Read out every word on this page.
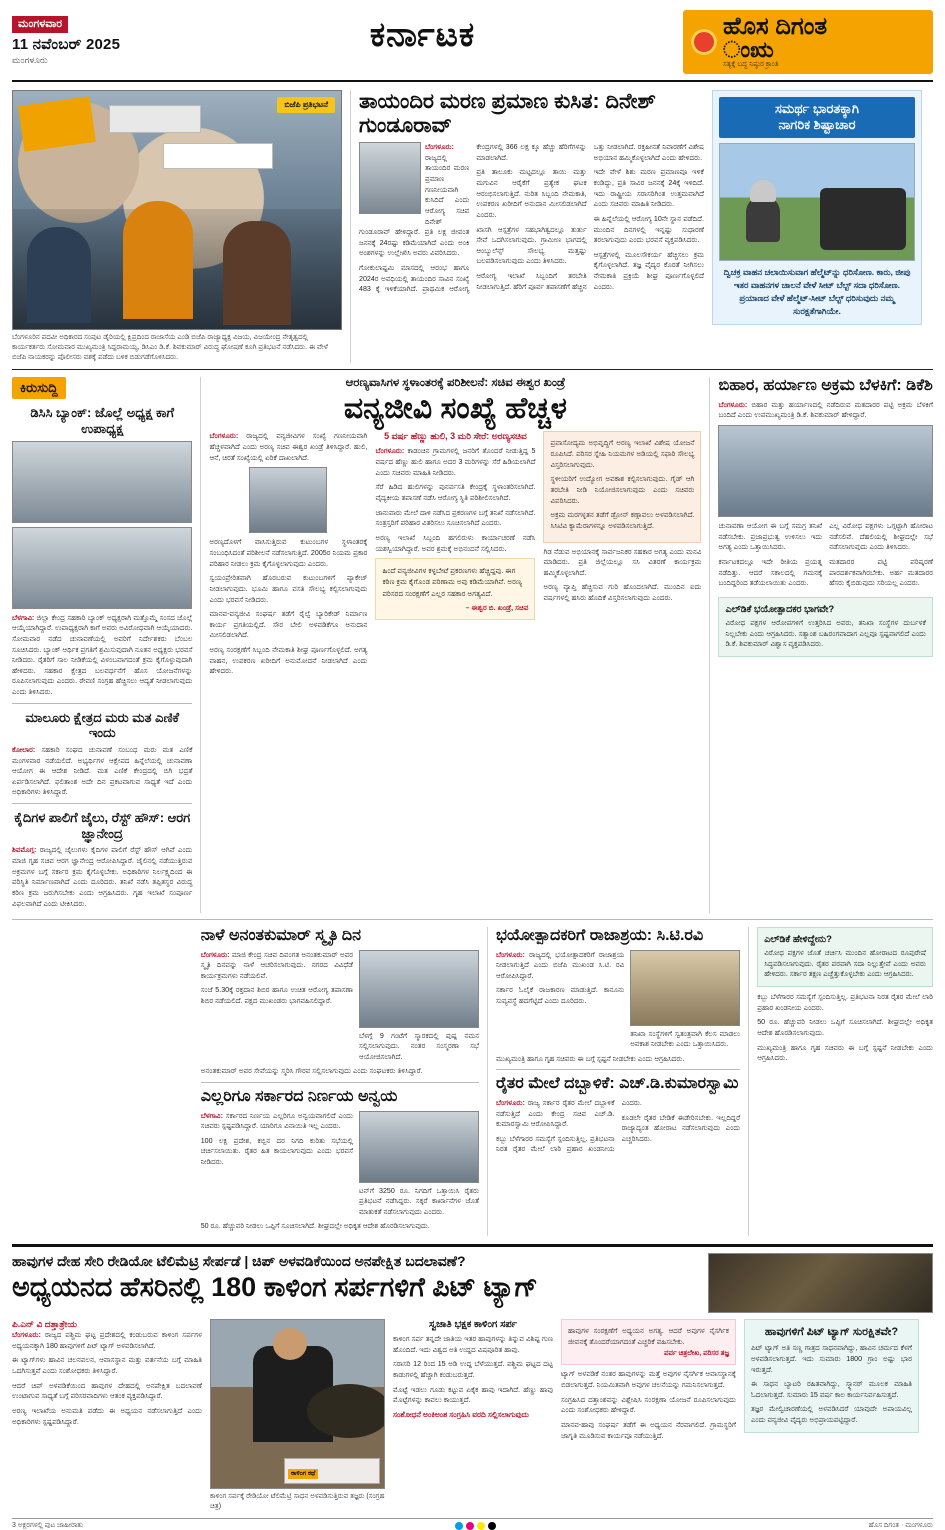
ಮಂಗಳವಾರ
11 ನವೆಂಬರ್ 2025
ಮಂಗಳೂರು
ಕರ್ನಾಟಕ	ಹೊಸ ದಿಗಂತ
ಂಋ
ಸತ್ಯಕ್ಕೆ ಬದ್ಧ ನಿಷ್ಠುರ ಕ್ರಾಂತಿ
ಬಿಜೆಪಿ ಪ್ರತಿಭಟನೆ
ಬೆಂಗಳೂರಿನ ಪದವೀ ಅಧಿಕಾರದ ಸಂಪುಟ ಡೈರಿಯಲ್ಲಿ ಕ್ಷಿಪ್ರದಿಂದ ರಾಜಾಸೆಯ ಎಂಡಿ ಬಿಜೆಪಿ ರಾಜ್ಯಾಧ್ಯಕ್ಷ ವಿಜಯ, ವಿಜಯೇಂದ್ರ ನೇತೃತ್ವದಲ್ಲಿ ಕಾರ್ಯಕರ್ತರು ಸೋಮವಾರ ಮುಖ್ಯಮಂತ್ರಿ ಸಿದ್ದರಾಮಯ್ಯ, ಡಿಸಿಎಂ ಡಿ.ಕೆ. ಶಿವಕುಮಾರ್ ವಿರುದ್ಧ ಘೋಷಣೆ ಕೂಗಿ ಪ್ರತಿಭಟನೆ ನಡೆಸಿದರು. ಈ ವೇಳೆ ಬಿಜೆಪಿ ನಾಯಕರನ್ನು ಪೊಲೀಸರು ವಶಕ್ಕೆ ಪಡೆದು ಬಳಿಕ ಬಿಡುಗಡೆಗೊಳಿಸಿದರು.
ತಾಯಂದಿರ ಮರಣ ಪ್ರಮಾಣ ಕುಸಿತ: ದಿನೇಶ್ ಗುಂಡೂರಾವ್

ಬೆಂಗಳೂರು: ರಾಜ್ಯದಲ್ಲಿ ತಾಯಂದಿರ ಮರಣ ಪ್ರಮಾಣ ಗಣನೀಯವಾಗಿ ಕುಸಿದಿದೆ ಎಂದು ಆರೋಗ್ಯ ಸಚಿವ ದಿನೇಶ್ ಗುಂಡೂರಾವ್ ಹೇಳಿದ್ದಾರೆ. ಪ್ರತಿ ಲಕ್ಷ ಜೀವಂತ ಜನನಕ್ಕೆ 24ರಷ್ಟು ಕಡಿಮೆಯಾಗಿದೆ ಎಂದು ಅಂಕಿ ಅಂಶಗಳನ್ನು ಉಲ್ಲೇಖಿಸಿ ಅವರು ವಿವರಿಸಿದರು.

ಗೋಕುಲಾಷ್ಟಮಿ ಮಾಸದಲ್ಲಿ ಆರಂಭ ಹಾಗೂ 2024ರ ಅವಧಿಯಲ್ಲಿ ತಾಯಂದಿರ ಸಾವಿನ ಸಂಖ್ಯೆ 483 ಕ್ಕೆ ಇಳಿಕೆಯಾಗಿದೆ. ಪ್ರಾಥಮಿಕ ಆರೋಗ್ಯ ಕೇಂದ್ರಗಳಲ್ಲಿ 366 ಲಕ್ಷ ಕ್ಕೂ ಹೆಚ್ಚು ಹೆರಿಗೆಗಳನ್ನು ಮಾಡಲಾಗಿದೆ.

ಪ್ರತಿ ತಾಲೂಕು ಮಟ್ಟದಲ್ಲೂ ತಾಯಿ ಮತ್ತು ಮಗುವಿನ ಆರೈಕೆಗೆ ಪ್ರತ್ಯೇಕ ಘಟಕ ಆರಂಭಿಸಲಾಗುತ್ತಿದೆ. ನುರಿತ ಸಿಬ್ಬಂದಿ ನೇಮಕಾತಿ, ಉಪಕರಣ ಖರೀದಿಗೆ ಅನುದಾನ ಮೀಸಲಿಡಲಾಗಿದೆ ಎಂದರು.

ಖಾಸಗಿ ಆಸ್ಪತ್ರೆಗಳ ಸಹಭಾಗಿತ್ವದಲ್ಲೂ ತುರ್ತು ಸೇವೆ ಒದಗಿಸಲಾಗುವುದು. ಗ್ರಾಮೀಣ ಭಾಗದಲ್ಲಿ ಆಂಬ್ಯುಲೆನ್ಸ್ ಸೌಲಭ್ಯ ಮತ್ತಷ್ಟು ಬಲಪಡಿಸಲಾಗುವುದು ಎಂದು ತಿಳಿಸಿದರು.

ಆರೋಗ್ಯ ಇಲಾಖೆ ಸಿಬ್ಬಂದಿಗೆ ತರಬೇತಿ ನೀಡಲಾಗುತ್ತಿದೆ. ಹೆರಿಗೆ ಪೂರ್ವ ತಪಾಸಣೆಗೆ ಹೆಚ್ಚಿನ ಒತ್ತು ನೀಡಲಾಗಿದೆ. ರಕ್ತಹೀನತೆ ನಿವಾರಣೆಗೆ ವಿಶೇಷ ಅಭಿಯಾನ ಹಮ್ಮಿಕೊಳ್ಳಲಾಗಿದೆ ಎಂದು ಹೇಳಿದರು.

ಇದೇ ವೇಳೆ ಶಿಶು ಮರಣ ಪ್ರಮಾಣವೂ ಇಳಿಕೆ ಕಂಡಿದ್ದು, ಪ್ರತಿ ಸಾವಿರ ಜನನಕ್ಕೆ 24ಕ್ಕೆ ಇಳಿದಿದೆ. ಇದು ರಾಷ್ಟ್ರೀಯ ಸರಾಸರಿಗಿಂತ ಉತ್ತಮವಾಗಿದೆ ಎಂದು ಸಚಿವರು ಮಾಹಿತಿ ನೀಡಿದರು.

ಈ ಹಿನ್ನೆಲೆಯಲ್ಲಿ ಆರೋಗ್ಯ 10ನೇ ಸ್ಥಾನ ಪಡೆದಿದೆ. ಮುಂದಿನ ದಿನಗಳಲ್ಲಿ ಇನ್ನಷ್ಟು ಸುಧಾರಣೆ ತರಲಾಗುವುದು ಎಂದು ಭರವಸೆ ವ್ಯಕ್ತಪಡಿಸಿದರು.

ಆಸ್ಪತ್ರೆಗಳಲ್ಲಿ ಮೂಲಸೌಕರ್ಯ ಹೆಚ್ಚಿಸಲು ಕ್ರಮ ಕೈಗೊಳ್ಳಲಾಗಿದೆ. ತಜ್ಞ ವೈದ್ಯರ ಕೊರತೆ ನೀಗಿಸಲು ನೇಮಕಾತಿ ಪ್ರಕ್ರಿಯೆ ಶೀಘ್ರ ಪೂರ್ಣಗೊಳ್ಳಲಿದೆ ಎಂದರು.

ಸಮರ್ಥ ಭಾರತಕ್ಕಾಗಿ
ನಾಗರಿಕ ಶಿಷ್ಟಾಚಾರ
ದ್ವಿಚಕ್ರ ವಾಹನ ಚಲಾಯಿಸುವಾಗ ಹೆಲ್ಮೆಟ್‌ನ್ನು ಧರಿಸೋಣ. ಕಾರು, ಜೀಪು ಇತರ ವಾಹನಗಳ ಚಾಲನೆ ವೇಳೆ ಸೀಟ್ ಬೆಲ್ಟ್ ಸದಾ ಧರಿಸೋಣ. ಪ್ರಯಾಣದ ವೇಳೆ ಹೆಲ್ಮೆಟ್-ಸೀಟ್ ಬೆಲ್ಟ್ ಧರಿಸುವುದು ನಮ್ಮ ಸುರಕ್ಷತೆಗಾಗಿಯೇ.
ಕಿರುಸುದ್ದಿ
ಡಿಸಿಸಿ ಬ್ಯಾಂಕ್: ಜೊಲ್ಲೆ ಅಧ್ಯಕ್ಷ ಕಾಗೆ ಉಪಾಧ್ಯಕ್ಷ

ಬೆಳಗಾವಿ: ಜಿಲ್ಲಾ ಕೇಂದ್ರ ಸಹಕಾರಿ ಬ್ಯಾಂಕ್ ಅಧ್ಯಕ್ಷರಾಗಿ ಮತ್ತೊಮ್ಮೆ ಸಂಸದ ಜೊಲ್ಲೆ ಆಯ್ಕೆಯಾಗಿದ್ದಾರೆ. ಉಪಾಧ್ಯಕ್ಷರಾಗಿ ಕಾಗೆ ಅವರು ಅವಿರೋಧವಾಗಿ ಆಯ್ಕೆಯಾದರು. ಸೋಮವಾರ ನಡೆದ ಚುನಾವಣೆಯಲ್ಲಿ ಅವರಿಗೆ ನಿರ್ದೇಶಕರು ಬೆಂಬಲ ಸೂಚಿಸಿದರು. ಬ್ಯಾಂಕ್ ಆರ್ಥಿಕ ಪ್ರಗತಿಗೆ ಶ್ರಮಿಸುವುದಾಗಿ ನೂತನ ಅಧ್ಯಕ್ಷರು ಭರವಸೆ ನೀಡಿದರು. ರೈತರಿಗೆ ಸಾಲ ನೀಡಿಕೆಯಲ್ಲಿ ವಿಳಂಬವಾಗದಂತೆ ಕ್ರಮ ಕೈಗೊಳ್ಳುವುದಾಗಿ ಹೇಳಿದರು. ಸಹಕಾರ ಕ್ಷೇತ್ರದ ಬಲವರ್ಧನೆಗೆ ಹೊಸ ಯೋಜನೆಗಳನ್ನು ರೂಪಿಸಲಾಗುವುದು ಎಂದರು. ಠೇವಣಿ ಸಂಗ್ರಹ ಹೆಚ್ಚಿಸಲು ಆದ್ಯತೆ ನೀಡಲಾಗುವುದು ಎಂದು ತಿಳಿಸಿದರು.

ಮಾಲೂರು ಕ್ಷೇತ್ರದ ಮರು ಮತ ಎಣಿಕೆ ಇಂದು

ಕೋಲಾರ: ಸಹಕಾರಿ ಸಂಘದ ಚುನಾವಣೆ ಸಂಬಂಧ ಮರು ಮತ ಎಣಿಕೆ ಮಂಗಳವಾರ ನಡೆಯಲಿದೆ. ಅಭ್ಯರ್ಥಿಗಳ ಆಕ್ಷೇಪದ ಹಿನ್ನೆಲೆಯಲ್ಲಿ ಚುನಾವಣಾ ಆಯೋಗ ಈ ಆದೇಶ ನೀಡಿದೆ. ಮತ ಎಣಿಕೆ ಕೇಂದ್ರದಲ್ಲಿ ಬಿಗಿ ಭದ್ರತೆ ಏರ್ಪಡಿಸಲಾಗಿದೆ. ಫಲಿತಾಂಶ ಅದೇ ದಿನ ಪ್ರಕಟವಾಗುವ ಸಾಧ್ಯತೆ ಇದೆ ಎಂದು ಅಧಿಕಾರಿಗಳು ತಿಳಿಸಿದ್ದಾರೆ.

ಕೈದಿಗಳ ಪಾಲಿಗೆ ಜೈಲು, ರೆಸ್ಟ್ ಹೌಸ್: ಆರಗ ಜ್ಞಾನೇಂದ್ರ

ಶಿವಮೊಗ್ಗ: ರಾಜ್ಯದಲ್ಲಿ ಜೈಲುಗಳು ಕೈದಿಗಳ ಪಾಲಿಗೆ ರೆಸ್ಟ್ ಹೌಸ್ ಆಗಿವೆ ಎಂದು ಮಾಜಿ ಗೃಹ ಸಚಿವ ಆರಗ ಜ್ಞಾನೇಂದ್ರ ಆರೋಪಿಸಿದ್ದಾರೆ. ಜೈಲಿನಲ್ಲಿ ನಡೆಯುತ್ತಿರುವ ಅಕ್ರಮಗಳ ಬಗ್ಗೆ ಸರ್ಕಾರ ಕ್ರಮ ಕೈಗೊಳ್ಳಬೇಕು. ಅಧಿಕಾರಿಗಳ ನಿರ್ಲಕ್ಷ್ಯದಿಂದ ಈ ಪರಿಸ್ಥಿತಿ ನಿರ್ಮಾಣವಾಗಿದೆ ಎಂದು ದೂರಿದರು. ತನಿಖೆ ನಡೆಸಿ ತಪ್ಪಿತಸ್ಥರ ವಿರುದ್ಧ ಕಠಿಣ ಕ್ರಮ ಜರುಗಿಸಬೇಕು ಎಂದು ಆಗ್ರಹಿಸಿದರು. ಗೃಹ ಇಲಾಖೆ ಸಂಪೂರ್ಣ ವಿಫಲವಾಗಿದೆ ಎಂದು ಟೀಕಿಸಿದರು.

ಆರಣ್ಯವಾಸಿಗಳ ಸ್ಥಳಾಂತರಕ್ಕೆ ಪರಿಶೀಲನೆ: ಸಚಿವ ಈಶ್ವರ ಖಂಡ್ರೆ
ವನ್ಯಜೀವಿ ಸಂಖ್ಯೆ ಹೆಚ್ಚಳ

ಬೆಂಗಳೂರು: ರಾಜ್ಯದಲ್ಲಿ ವನ್ಯಜೀವಿಗಳ ಸಂಖ್ಯೆ ಗಣನೀಯವಾಗಿ ಹೆಚ್ಚಳವಾಗಿದೆ ಎಂದು ಅರಣ್ಯ ಸಚಿವ ಈಶ್ವರ ಖಂಡ್ರೆ ತಿಳಿಸಿದ್ದಾರೆ. ಹುಲಿ, ಆನೆ, ಚಿರತೆ ಸಂಖ್ಯೆಯಲ್ಲಿ ಏರಿಕೆ ದಾಖಲಾಗಿದೆ.

ಅರಣ್ಯದೊಳಗೆ ವಾಸಿಸುತ್ತಿರುವ ಕುಟುಂಬಗಳ ಸ್ಥಳಾಂತರಕ್ಕೆ ಸಂಬಂಧಿಸಿದಂತೆ ಪರಿಶೀಲನೆ ನಡೆಸಲಾಗುತ್ತಿದೆ. 2005ರ ನಿಯಮ ಪ್ರಕಾರ ಪರಿಹಾರ ನೀಡಲು ಕ್ರಮ ಕೈಗೊಳ್ಳಲಾಗುವುದು ಎಂದರು.

ಸ್ವಯಂಪ್ರೇರಿತವಾಗಿ ಹೊರಬರುವ ಕುಟುಂಬಗಳಿಗೆ ಪ್ಯಾಕೇಜ್ ನೀಡಲಾಗುವುದು. ಭೂಮಿ ಹಾಗೂ ವಸತಿ ಸೌಲಭ್ಯ ಕಲ್ಪಿಸಲಾಗುವುದು ಎಂದು ಭರವಸೆ ನೀಡಿದರು.

ಮಾನವ-ವನ್ಯಜೀವಿ ಸಂಘರ್ಷ ತಡೆಗೆ ರೈಲ್ವೆ ಬ್ಯಾರಿಕೇಡ್ ನಿರ್ಮಾಣ ಕಾರ್ಯ ಪ್ರಗತಿಯಲ್ಲಿದೆ. ಸೌರ ಬೇಲಿ ಅಳವಡಿಕೆಗೂ ಅನುದಾನ ಮೀಸಲಿಡಲಾಗಿದೆ.

ಅರಣ್ಯ ಸಂರಕ್ಷಣೆಗೆ ಸಿಬ್ಬಂದಿ ನೇಮಕಾತಿ ಶೀಘ್ರ ಪೂರ್ಣಗೊಳ್ಳಲಿದೆ. ಅಗತ್ಯ ವಾಹನ, ಉಪಕರಣ ಖರೀದಿಗೆ ಅನುಮೋದನೆ ನೀಡಲಾಗಿದೆ ಎಂದು ಹೇಳಿದರು.

5 ವರ್ಷ ಹೆಣ್ಣು ಹುಲಿ, 3 ಮರಿ ಸೇರೆ: ಅರಣ್ಯಸಚಿವ

ಬೆಂಗಳೂರು: ಕಾಡಂಚಿನ ಗ್ರಾಮಗಳಲ್ಲಿ ಜನರಿಗೆ ತೊಂದರೆ ನೀಡುತ್ತಿದ್ದ 5 ವರ್ಷದ ಹೆಣ್ಣು ಹುಲಿ ಹಾಗೂ ಅದರ 3 ಮರಿಗಳನ್ನು ಸೆರೆ ಹಿಡಿಯಲಾಗಿದೆ ಎಂದು ಸಚಿವರು ಮಾಹಿತಿ ನೀಡಿದರು.

ಸೆರೆ ಹಿಡಿದ ಹುಲಿಗಳನ್ನು ಪುನರ್ವಸತಿ ಕೇಂದ್ರಕ್ಕೆ ಸ್ಥಳಾಂತರಿಸಲಾಗಿದೆ. ವೈದ್ಯಕೀಯ ತಪಾಸಣೆ ನಡೆಸಿ ಆರೋಗ್ಯ ಸ್ಥಿತಿ ಪರಿಶೀಲಿಸಲಾಗಿದೆ.

ಜಾನುವಾರು ಮೇಲೆ ದಾಳಿ ನಡೆಸಿದ ಪ್ರಕರಣಗಳ ಬಗ್ಗೆ ತನಿಖೆ ನಡೆಸಲಾಗಿದೆ. ಸಂತ್ರಸ್ತರಿಗೆ ಪರಿಹಾರ ವಿತರಿಸಲು ಸೂಚಿಸಲಾಗಿದೆ ಎಂದರು.

ಅರಣ್ಯ ಇಲಾಖೆ ಸಿಬ್ಬಂದಿ ಹಗಲಿರುಳು ಕಾರ್ಯಾಚರಣೆ ನಡೆಸಿ ಯಶಸ್ವಿಯಾಗಿದ್ದಾರೆ. ಅವರ ಶ್ರಮಕ್ಕೆ ಅಭಿನಂದನೆ ಸಲ್ಲಿಸಿದರು.

ಹಿಂದೆ ವನ್ಯಜೀವಿಗಳ ಕಳ್ಳಬೇಟೆ ಪ್ರಕರಣಗಳು ಹೆಚ್ಚಿದ್ದವು. ಈಗ ಕಠಿಣ ಕ್ರಮ ಕೈಗೊಂಡ ಪರಿಣಾಮ ಅವು ಕಡಿಮೆಯಾಗಿವೆ. ಅರಣ್ಯ ಪರಿಸರದ ಸಂರಕ್ಷಣೆಗೆ ಎಲ್ಲರ ಸಹಕಾರ ಅಗತ್ಯವಿದೆ.
– ಈಶ್ವರ ಬಿ. ಖಂಡ್ರೆ, ಸಚಿವ

ಪ್ರವಾಸೋದ್ಯಮ ಅಭಿವೃದ್ಧಿಗೆ ಅರಣ್ಯ ಇಲಾಖೆ ವಿಶೇಷ ಯೋಜನೆ ರೂಪಿಸಿದೆ. ಪರಿಸರ ಸ್ನೇಹಿ ನಿಯಮಗಳ ಅಡಿಯಲ್ಲಿ ಸಫಾರಿ ಸೌಲಭ್ಯ ವಿಸ್ತರಿಸಲಾಗುವುದು.

ಸ್ಥಳೀಯರಿಗೆ ಉದ್ಯೋಗ ಅವಕಾಶ ಕಲ್ಪಿಸಲಾಗುವುದು. ಗೈಡ್ ಆಗಿ ತರಬೇತಿ ನೀಡಿ ನಿಯೋಜಿಸಲಾಗುವುದು ಎಂದು ಸಚಿವರು ವಿವರಿಸಿದರು.

ಅಕ್ರಮ ಮರಗಳ್ಳತನ ತಡೆಗೆ ಡ್ರೋನ್ ಕಣ್ಗಾವಲು ಅಳವಡಿಸಲಾಗಿದೆ. ಸಿಸಿಟಿವಿ ಕ್ಯಾಮೆರಾಗಳನ್ನೂ ಅಳವಡಿಸಲಾಗುತ್ತಿದೆ.

ಗಿಡ ನೆಡುವ ಅಭಿಯಾನಕ್ಕೆ ಸಾರ್ವಜನಿಕರ ಸಹಕಾರ ಅಗತ್ಯ ಎಂದು ಮನವಿ ಮಾಡಿದರು. ಪ್ರತಿ ಜಿಲ್ಲೆಯಲ್ಲೂ ಸಸಿ ವಿತರಣೆ ಕಾರ್ಯಕ್ರಮ ಹಮ್ಮಿಕೊಳ್ಳಲಾಗಿದೆ.

ಅರಣ್ಯ ವ್ಯಾಪ್ತಿ ಹೆಚ್ಚಿಸುವ ಗುರಿ ಹೊಂದಲಾಗಿದೆ. ಮುಂದಿನ ಐದು ವರ್ಷಗಳಲ್ಲಿ ಹಸಿರು ಹೊದಿಕೆ ವಿಸ್ತರಿಸಲಾಗುವುದು ಎಂದರು.

ಬಿಹಾರ, ಹರ್ಯಾಣ ಅಕ್ರಮ ಬೆಳಕಿಗೆ: ಡಿಕೆಶಿ

ಬೆಂಗಳೂರು: ಬಿಹಾರ ಮತ್ತು ಹರ್ಯಾಣದಲ್ಲಿ ನಡೆದಿರುವ ಮತದಾರರ ಪಟ್ಟಿ ಅಕ್ರಮ ಬೆಳಕಿಗೆ ಬಂದಿದೆ ಎಂದು ಉಪಮುಖ್ಯಮಂತ್ರಿ ಡಿ.ಕೆ. ಶಿವಕುಮಾರ್ ಹೇಳಿದ್ದಾರೆ.

ಚುನಾವಣಾ ಆಯೋಗ ಈ ಬಗ್ಗೆ ಸಮಗ್ರ ತನಿಖೆ ನಡೆಸಬೇಕು. ಪ್ರಜಾಪ್ರಭುತ್ವ ಉಳಿಸಲು ಇದು ಅಗತ್ಯ ಎಂದು ಒತ್ತಾಯಿಸಿದರು.

ಕರ್ನಾಟಕದಲ್ಲೂ ಇದೇ ರೀತಿಯ ಪ್ರಯತ್ನ ನಡೆದಿತ್ತು. ಆದರೆ ಸಕಾಲದಲ್ಲಿ ಗಮನಕ್ಕೆ ಬಂದಿದ್ದರಿಂದ ತಡೆಯಲಾಯಿತು ಎಂದರು.

ಎಲ್ಲ ವಿರೋಧ ಪಕ್ಷಗಳು ಒಗ್ಗಟ್ಟಾಗಿ ಹೋರಾಟ ನಡೆಸಲಿವೆ. ದೆಹಲಿಯಲ್ಲಿ ಶೀಘ್ರದಲ್ಲೇ ಸಭೆ ನಡೆಸಲಾಗುವುದು ಎಂದು ತಿಳಿಸಿದರು.

ಮತದಾರರ ಪಟ್ಟಿ ಪರಿಷ್ಕರಣೆ ಪಾರದರ್ಶಕವಾಗಿರಬೇಕು. ಅರ್ಹ ಮತದಾರರ ಹೆಸರು ಕೈಬಿಡುವುದು ಸರಿಯಲ್ಲ ಎಂದರು.

ಎಲ್‌ಡಿಕೆ ಭಯೋತ್ಪಾದಕರ ಭಾಗವೇ?

ವಿರೋಧ ಪಕ್ಷಗಳ ಆರೋಪಗಳಿಗೆ ಉತ್ತರಿಸಿದ ಅವರು, ತನಿಖಾ ಸಂಸ್ಥೆಗಳ ದುರ್ಬಳಕೆ ನಿಲ್ಲಬೇಕು ಎಂದು ಆಗ್ರಹಿಸಿದರು. ಸತ್ಯಾಂಶ ಬಹಿರಂಗವಾದಾಗ ಎಲ್ಲವೂ ಸ್ಪಷ್ಟವಾಗಲಿದೆ ಎಂದು ಡಿ.ಕೆ. ಶಿವಕುಮಾರ್ ವಿಶ್ವಾಸ ವ್ಯಕ್ತಪಡಿಸಿದರು.

ನಾಳೆ ಅನಂತಕುಮಾರ್ ಸ್ಮೃತಿ ದಿನ

ಬೆಂಗಳೂರು: ಮಾಜಿ ಕೇಂದ್ರ ಸಚಿವ ದಿವಂಗತ ಅನಂತಕುಮಾರ್ ಅವರ ಸ್ಮೃತಿ ದಿನವನ್ನು ನಾಳೆ ಆಚರಿಸಲಾಗುವುದು. ನಗರದ ವಿವಿಧೆಡೆ ಕಾರ್ಯಕ್ರಮಗಳು ನಡೆಯಲಿವೆ.

ಸಂಜೆ 5.30ಕ್ಕೆ ರಕ್ತದಾನ ಶಿಬಿರ ಹಾಗೂ ಉಚಿತ ಆರೋಗ್ಯ ತಪಾಸಣಾ ಶಿಬಿರ ನಡೆಯಲಿದೆ. ಪಕ್ಷದ ಮುಖಂಡರು ಭಾಗವಹಿಸಲಿದ್ದಾರೆ.

ಬೆಳಗ್ಗೆ 9 ಗಂಟೆಗೆ ಸ್ಮಾರಕದಲ್ಲಿ ಪುಷ್ಪ ನಮನ ಸಲ್ಲಿಸಲಾಗುವುದು. ನಂತರ ಸಂಸ್ಮರಣಾ ಸಭೆ ಆಯೋಜಿಸಲಾಗಿದೆ.

ಅನಂತಕುಮಾರ್ ಅವರ ಸೇವೆಯನ್ನು ಸ್ಮರಿಸಿ ಗೌರವ ಸಲ್ಲಿಸಲಾಗುವುದು ಎಂದು ಸಂಘಟಕರು ತಿಳಿಸಿದ್ದಾರೆ.

ಎಲ್ಲರಿಗೂ ಸರ್ಕಾರದ ನಿರ್ಣಯ ಅನ್ವಯ

ಬೆಳಗಾವಿ: ಸರ್ಕಾರದ ನಿರ್ಣಯ ಎಲ್ಲರಿಗೂ ಅನ್ವಯವಾಗಲಿದೆ ಎಂದು ಸಚಿವರು ಸ್ಪಷ್ಟಪಡಿಸಿದ್ದಾರೆ. ಯಾರಿಗೂ ವಿನಾಯಿತಿ ಇಲ್ಲ ಎಂದರು.

100 ಲಕ್ಷ ಪ್ರದೇಶ, ಕಬ್ಬಿನ ದರ ನಿಗದಿ ಕುರಿತು ಸಭೆಯಲ್ಲಿ ಚರ್ಚಿಸಲಾಯಿತು. ರೈತರ ಹಿತ ಕಾಯಲಾಗುವುದು ಎಂದು ಭರವಸೆ ನೀಡಿದರು.

ಟನ್‌ಗೆ 3250 ರೂ. ನಿಗದಿಗೆ ಒತ್ತಾಯಿಸಿ ರೈತರು ಪ್ರತಿಭಟನೆ ನಡೆಸಿದ್ದರು. ಸಕ್ಕರೆ ಕಾರ್ಖಾನೆಗಳ ಜೊತೆ ಮಾತುಕತೆ ನಡೆಸಲಾಗುವುದು ಎಂದರು.

50 ರೂ. ಹೆಚ್ಚುವರಿ ನೀಡಲು ಒಪ್ಪಿಗೆ ಸೂಚಿಸಲಾಗಿದೆ. ಶೀಘ್ರದಲ್ಲೇ ಅಧಿಕೃತ ಆದೇಶ ಹೊರಡಿಸಲಾಗುವುದು.

ಭಯೋತ್ಪಾದಕರಿಗೆ ರಾಜಾಶ್ರಯ: ಸಿ.ಟಿ.ರವಿ

ಬೆಂಗಳೂರು: ರಾಜ್ಯದಲ್ಲಿ ಭಯೋತ್ಪಾದಕರಿಗೆ ರಾಜಾಶ್ರಯ ನೀಡಲಾಗುತ್ತಿದೆ ಎಂದು ಬಿಜೆಪಿ ಮುಖಂಡ ಸಿ.ಟಿ. ರವಿ ಆರೋಪಿಸಿದ್ದಾರೆ.

ಸರ್ಕಾರ ಓಲೈಕೆ ರಾಜಕಾರಣ ಮಾಡುತ್ತಿದೆ. ಕಾನೂನು ಸುವ್ಯವಸ್ಥೆ ಹದಗೆಟ್ಟಿದೆ ಎಂದು ದೂರಿದರು.

ತನಿಖಾ ಸಂಸ್ಥೆಗಳಿಗೆ ಸ್ವತಂತ್ರವಾಗಿ ಕೆಲಸ ಮಾಡಲು ಅವಕಾಶ ನೀಡಬೇಕು ಎಂದು ಒತ್ತಾಯಿಸಿದರು.

ಮುಖ್ಯಮಂತ್ರಿ ಹಾಗೂ ಗೃಹ ಸಚಿವರು ಈ ಬಗ್ಗೆ ಸ್ಪಷ್ಟನೆ ನೀಡಬೇಕು ಎಂದು ಆಗ್ರಹಿಸಿದರು.

ರೈತರ ಮೇಲೆ ದಬ್ಬಾಳಿಕೆ: ಎಚ್.ಡಿ.ಕುಮಾರಸ್ವಾಮಿ

ಬೆಂಗಳೂರು: ರಾಜ್ಯ ಸರ್ಕಾರ ರೈತರ ಮೇಲೆ ದಬ್ಬಾಳಿಕೆ ನಡೆಸುತ್ತಿದೆ ಎಂದು ಕೇಂದ್ರ ಸಚಿವ ಎಚ್.ಡಿ. ಕುಮಾರಸ್ವಾಮಿ ಆರೋಪಿಸಿದ್ದಾರೆ.

ಕಬ್ಬು ಬೆಳೆಗಾರರ ಸಮಸ್ಯೆಗೆ ಸ್ಪಂದಿಸುತ್ತಿಲ್ಲ. ಪ್ರತಿಭಟನಾ ನಿರತ ರೈತರ ಮೇಲೆ ಲಾಠಿ ಪ್ರಹಾರ ಖಂಡನೀಯ ಎಂದರು.

ಕೂಡಲೇ ರೈತರ ಬೇಡಿಕೆ ಈಡೇರಿಸಬೇಕು. ಇಲ್ಲದಿದ್ದರೆ ರಾಜ್ಯಾದ್ಯಂತ ಹೋರಾಟ ನಡೆಸಲಾಗುವುದು ಎಂದು ಎಚ್ಚರಿಸಿದರು.

ಎಲ್‌ಡಿಕೆ ಹೇಳಿದ್ದೇನು?

ವಿರೋಧ ಪಕ್ಷಗಳ ಜೊತೆ ಚರ್ಚಿಸಿ ಮುಂದಿನ ಹೋರಾಟದ ರೂಪುರೇಷೆ ಸಿದ್ಧಪಡಿಸಲಾಗುವುದು. ರೈತರ ಪರವಾಗಿ ಸದಾ ನಿಲ್ಲುತ್ತೇವೆ ಎಂದು ಅವರು ಹೇಳಿದರು. ಸರ್ಕಾರ ತಕ್ಷಣ ಎಚ್ಚೆತ್ತುಕೊಳ್ಳಬೇಕು ಎಂದು ಆಗ್ರಹಿಸಿದರು.

ಕಬ್ಬು ಬೆಳೆಗಾರರ ಸಮಸ್ಯೆಗೆ ಸ್ಪಂದಿಸುತ್ತಿಲ್ಲ. ಪ್ರತಿಭಟನಾ ನಿರತ ರೈತರ ಮೇಲೆ ಲಾಠಿ ಪ್ರಹಾರ ಖಂಡನೀಯ ಎಂದರು.

50 ರೂ. ಹೆಚ್ಚುವರಿ ನೀಡಲು ಒಪ್ಪಿಗೆ ಸೂಚಿಸಲಾಗಿದೆ. ಶೀಘ್ರದಲ್ಲೇ ಅಧಿಕೃತ ಆದೇಶ ಹೊರಡಿಸಲಾಗುವುದು.

ಮುಖ್ಯಮಂತ್ರಿ ಹಾಗೂ ಗೃಹ ಸಚಿವರು ಈ ಬಗ್ಗೆ ಸ್ಪಷ್ಟನೆ ನೀಡಬೇಕು ಎಂದು ಆಗ್ರಹಿಸಿದರು.

ಹಾವುಗಳ ದೇಹ ಸೇರಿ ರೇಡಿಯೋ ಟೆಲಿಮೆಟ್ರಿ ಸೇರ್ಪಡೆ | ಚಿಪ್ ಅಳವಡಿಕೆಯಿಂದ ಅನಪೇಕ್ಷಿತ ಬದಲಾವಣೆ?
ಅಧ್ಯಯನದ ಹೆಸರಿನಲ್ಲಿ 180 ಕಾಳಿಂಗ ಸರ್ಪಗಳಿಗೆ ಪಿಟ್ ಟ್ಯಾಗ್
ಪಿ.ಎನ್ ವಿ ದತ್ತಾತ್ರೇಯ

ಬೆಂಗಳೂರು: ರಾಜ್ಯದ ಪಶ್ಚಿಮ ಘಟ್ಟ ಪ್ರದೇಶದಲ್ಲಿ ಕಂಡುಬರುವ ಕಾಳಿಂಗ ಸರ್ಪಗಳ ಅಧ್ಯಯನಕ್ಕಾಗಿ 180 ಹಾವುಗಳಿಗೆ ಪಿಟ್ ಟ್ಯಾಗ್ ಅಳವಡಿಸಲಾಗಿದೆ.

ಈ ಟ್ಯಾಗ್‌ಗಳು ಹಾವಿನ ಚಲನವಲನ, ಆವಾಸಸ್ಥಾನ ಮತ್ತು ವರ್ತನೆಯ ಬಗ್ಗೆ ಮಾಹಿತಿ ಒದಗಿಸುತ್ತವೆ ಎಂದು ಸಂಶೋಧಕರು ತಿಳಿಸಿದ್ದಾರೆ.

ಆದರೆ ಚಿಪ್ ಅಳವಡಿಕೆಯಿಂದ ಹಾವುಗಳ ದೇಹದಲ್ಲಿ ಅನಪೇಕ್ಷಿತ ಬದಲಾವಣೆ ಉಂಟಾಗುವ ಸಾಧ್ಯತೆ ಬಗ್ಗೆ ಪರಿಸರವಾದಿಗಳು ಆತಂಕ ವ್ಯಕ್ತಪಡಿಸಿದ್ದಾರೆ.

ಅರಣ್ಯ ಇಲಾಖೆಯ ಅನುಮತಿ ಪಡೆದು ಈ ಅಧ್ಯಯನ ನಡೆಸಲಾಗುತ್ತಿದೆ ಎಂದು ಅಧಿಕಾರಿಗಳು ಸ್ಪಷ್ಟಪಡಿಸಿದ್ದಾರೆ.

ಕಾಳಿಂಗ ಕಥೆ
ಕಾಳಿಂಗ ಸರ್ಪಕ್ಕೆ ರೇಡಿಯೋ ಟೆಲಿಮೆಟ್ರಿ ಸಾಧನ ಅಳವಡಿಸುತ್ತಿರುವ ತಜ್ಞರು (ಸಂಗ್ರಹ ಚಿತ್ರ)
ಸ್ವಜಾತಿ ಭಕ್ಷಕ ಕಾಳಿಂಗ ಸರ್ಪ

ಕಾಳಿಂಗ ಸರ್ಪ ತನ್ನದೇ ಜಾತಿಯ ಇತರ ಹಾವುಗಳನ್ನು ತಿನ್ನುವ ವಿಶಿಷ್ಟ ಗುಣ ಹೊಂದಿದೆ. ಇದು ವಿಶ್ವದ ಅತಿ ಉದ್ದದ ವಿಷಪೂರಿತ ಹಾವು.

ಸರಾಸರಿ 12 ರಿಂದ 15 ಅಡಿ ಉದ್ದ ಬೆಳೆಯುತ್ತದೆ. ಪಶ್ಚಿಮ ಘಟ್ಟದ ದಟ್ಟ ಕಾಡುಗಳಲ್ಲಿ ಹೆಚ್ಚಾಗಿ ಕಂಡುಬರುತ್ತದೆ.

ಮೊಟ್ಟೆ ಇಡಲು ಗೂಡು ಕಟ್ಟುವ ಏಕೈಕ ಹಾವು ಇದಾಗಿದೆ. ಹೆಣ್ಣು ಹಾವು ಮೊಟ್ಟೆಗಳನ್ನು ಕಾವಲು ಕಾಯುತ್ತದೆ.

ಸಂಶೋಧನೆ ಅಂಕಿಅಂಶ ಸಂಗ್ರಹಿಸಿ ವರದಿ ಸಲ್ಲಿಸಲಾಗುವುದು

ಹಾವುಗಳ ಸಂರಕ್ಷಣೆಗೆ ಅಧ್ಯಯನ ಅಗತ್ಯ. ಆದರೆ ಅವುಗಳ ನೈಸರ್ಗಿಕ ಜೀವನಕ್ಕೆ ತೊಂದರೆಯಾಗದಂತೆ ಎಚ್ಚರಿಕೆ ವಹಿಸಬೇಕು.

ಪರ್ವ ಚಿತ್ರಲೇಖ, ಪರಿಸರ ತಜ್ಞ

ಟ್ಯಾಗ್ ಅಳವಡಿಕೆ ನಂತರ ಹಾವುಗಳನ್ನು ಮತ್ತೆ ಅವುಗಳ ನೈಸರ್ಗಿಕ ಆವಾಸಸ್ಥಾನಕ್ಕೆ ಬಿಡಲಾಗುತ್ತದೆ. ನಿಯಮಿತವಾಗಿ ಅವುಗಳ ಚಲನೆಯನ್ನು ಗಮನಿಸಲಾಗುತ್ತದೆ.

ಸಂಗ್ರಹಿಸಿದ ದತ್ತಾಂಶವನ್ನು ವಿಶ್ಲೇಷಿಸಿ ಸಂರಕ್ಷಣಾ ಯೋಜನೆ ರೂಪಿಸಲಾಗುವುದು ಎಂದು ಸಂಶೋಧಕರು ಹೇಳಿದ್ದಾರೆ.

ಮಾನವ-ಹಾವು ಸಂಘರ್ಷ ತಡೆಗೆ ಈ ಅಧ್ಯಯನ ನೆರವಾಗಲಿದೆ. ಗ್ರಾಮಸ್ಥರಿಗೆ ಜಾಗೃತಿ ಮೂಡಿಸುವ ಕಾರ್ಯವೂ ನಡೆಯುತ್ತಿದೆ.

ಹಾವುಗಳಿಗೆ ಪಿಟ್ ಟ್ಯಾಗ್ ಸುರಕ್ಷಿತವೇ?

ಪಿಟ್ ಟ್ಯಾಗ್ ಅತಿ ಸಣ್ಣ ಗಾತ್ರದ ಸಾಧನವಾಗಿದ್ದು, ಹಾವಿನ ಚರ್ಮದ ಕೆಳಗೆ ಅಳವಡಿಸಲಾಗುತ್ತದೆ. ಇದು ಸುಮಾರು 1800 ಗ್ರಾಂ ಅಷ್ಟು ಭಾರ ಇರುತ್ತದೆ.

ಈ ಸಾಧನ ಬ್ಯಾಟರಿ ರಹಿತವಾಗಿದ್ದು, ಸ್ಕ್ಯಾನರ್ ಮೂಲಕ ಮಾಹಿತಿ ಓದಲಾಗುತ್ತದೆ. ಸುಮಾರು 15 ವರ್ಷ ಕಾಲ ಕಾರ್ಯನಿರ್ವಹಿಸುತ್ತದೆ.

ತಜ್ಞರ ಮೇಲ್ವಿಚಾರಣೆಯಲ್ಲಿ ಅಳವಡಿಸಿದರೆ ಯಾವುದೇ ಅಪಾಯವಿಲ್ಲ ಎಂದು ವನ್ಯಜೀವಿ ವೈದ್ಯರು ಅಭಿಪ್ರಾಯಪಟ್ಟಿದ್ದಾರೆ.

3 ಅಕ್ಷರಗಳಲ್ಲಿ ಪುಟ ಜಾಹೀರಾತು	ಹೊಸ ದಿಗಂತ · ಮಂಗಳೂರು
